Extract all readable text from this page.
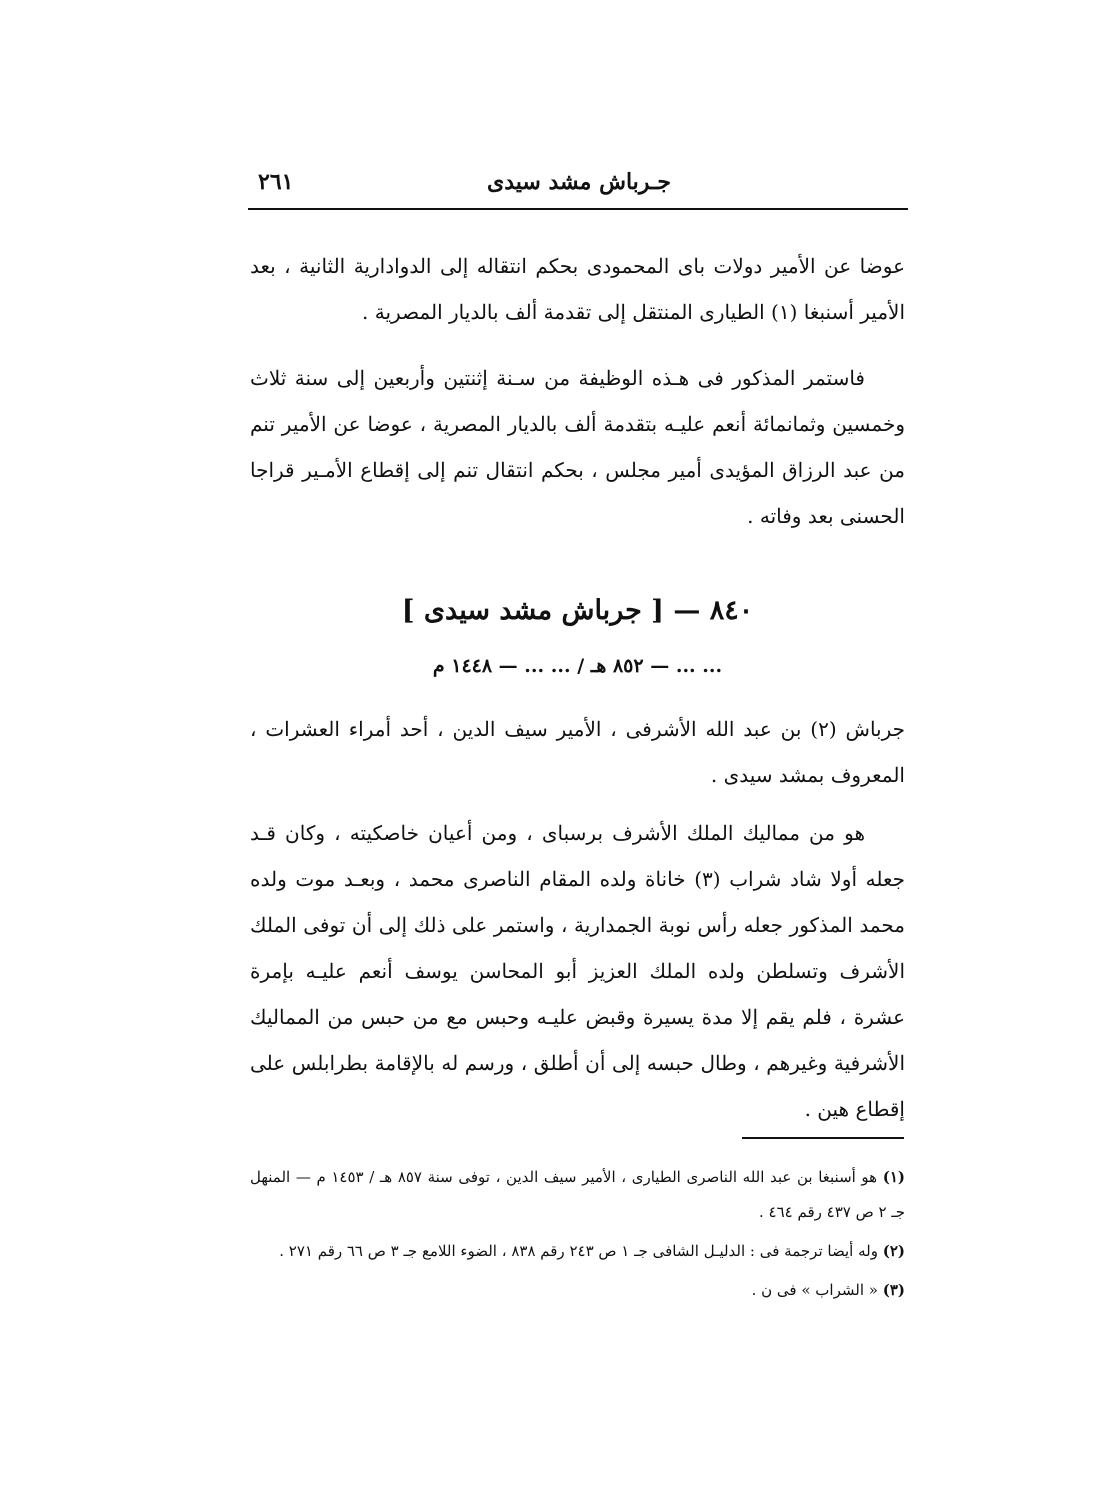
جـرباش مشد سيدى
٢٦١
عوضا عن الأمير دولات باى المحمودى بحكم انتقاله إلى الدوادارية الثانية ، بعد الأمير أسنبغا (١) الطيارى المنتقل إلى تقدمة ألف بالديار المصرية .
فاستمر المذكور فى هـذه الوظيفة من سـنة إثنتين وأربعين إلى سنة ثلاث وخمسين وثمانمائة أنعم عليـه بتقدمة ألف بالديار المصرية ، عوضا عن الأمير تنم من عبد الرزاق المؤيدى أمير مجلس ، بحكم انتقال تنم إلى إقطاع الأمـير قراجا الحسنى بعد وفاته .
٨٤٠ — [ جرباش مشد سيدى ]
... ... — ٨٥٢ هـ / ... ... — ١٤٤٨ م
جرباش (٢) بن عبد الله الأشرفى ، الأمير سيف الدين ، أحد أمراء العشرات ، المعروف بمشد سيدى .
هو من مماليك الملك الأشرف برسباى ، ومن أعيان خاصكيته ، وكان قـد جعله أولا شاد شراب (٣) خاناة ولده المقام الناصرى محمد ، وبعـد موت ولده محمد المذكور جعله رأس نوبة الجمدارية ، واستمر على ذلك إلى أن توفى الملك الأشرف وتسلطن ولده الملك العزيز أبو المحاسن يوسف أنعم عليـه بإمرة عشرة ، فلم يقم إلا مدة يسيرة وقبض عليـه وحبس مع من حبس من المماليك الأشرفية وغيرهم ، وطال حبسه إلى أن أطلق ، ورسم له بالإقامة بطرابلس على إقطاع هين .

(١) هو أسنبغا بن عبد الله الناصرى الطيارى ، الأمير سيف الدين ، توفى سنة ٨٥٧ هـ / ١٤٥٣ م — المنهل جـ ٢ ص ٤٣٧ رقم ٤٦٤ .

(٢) وله أيضا ترجمة فى : الدليـل الشافى جـ ١ ص ٢٤٣ رقم ٨٣٨ ، الضوء اللامع جـ ٣ ص ٦٦ رقم ٢٧١ .

(٣) « الشراب » فى ن .
